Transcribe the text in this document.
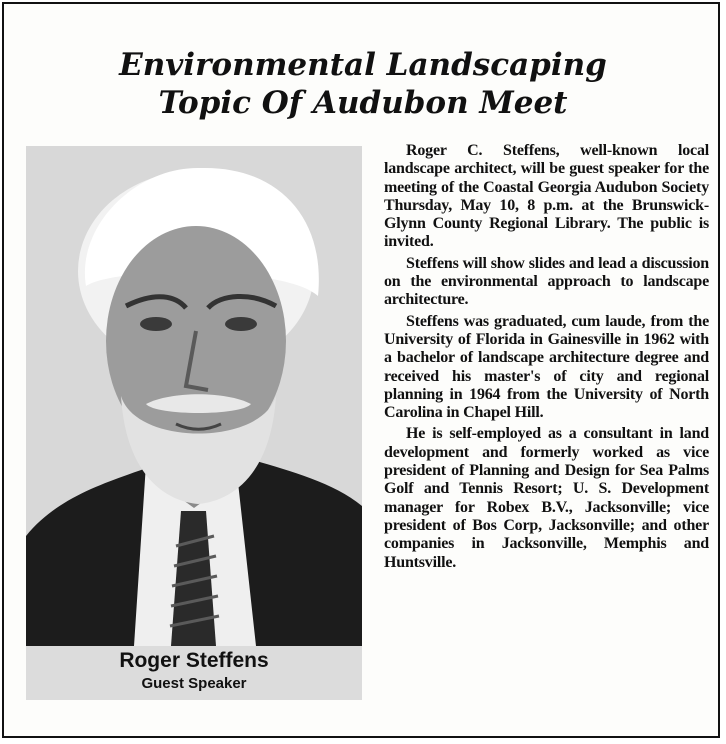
Environmental Landscaping
Topic Of Audubon Meet
Roger Steffens
Guest Speaker

Roger C. Steffens, well-known local landscape architect, will be guest speaker for the meeting of the Coastal Georgia Audubon Society Thursday, May 10, 8 p.m. at the Brunswick-Glynn County Regional Library. The public is invited.

Steffens will show slides and lead a discussion on the environmental approach to landscape architecture.

Steffens was graduated, cum laude, from the University of Florida in Gainesville in 1962 with a bachelor of landscape architecture degree and received his master's of city and regional planning in 1964 from the University of North Carolina in Chapel Hill.

He is self-employed as a consultant in land development and formerly worked as vice president of Planning and Design for Sea Palms Golf and Tennis Resort; U. S. Development manager for Robex B.V., Jacksonville; vice president of Bos Corp, Jacksonville; and other companies in Jacksonville, Memphis and Huntsville.
